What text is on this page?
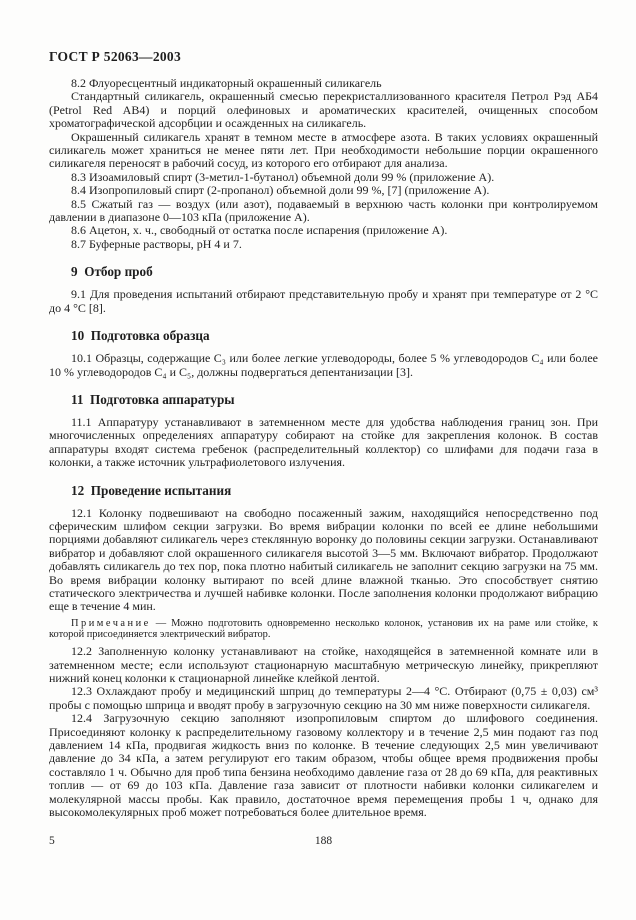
ГОСТ Р 52063—2003
8.2 Флуоресцентный индикаторный окрашенный силикагель
Стандартный силикагель, окрашенный смесью перекристаллизованного красителя Петрол Рэд АБ4 (Petrol Red AB4) и порций олефиновых и ароматических красителей, очищенных способом хроматографической адсорбции и осажденных на силикагель.
Окрашенный силикагель хранят в темном месте в атмосфере азота. В таких условиях окрашенный силикагель может храниться не менее пяти лет. При необходимости небольшие порции окрашенного силикагеля переносят в рабочий сосуд, из которого его отбирают для анализа.
8.3 Изоамиловый спирт (3-метил-1-бутанол) объемной доли 99 % (приложение А).
8.4 Изопропиловый спирт (2-пропанол) объемной доли 99 %, [7] (приложение А).
8.5 Сжатый газ — воздух (или азот), подаваемый в верхнюю часть колонки при контролируемом давлении в диапазоне 0—103 кПа (приложение А).
8.6 Ацетон, х. ч., свободный от остатка после испарения (приложение А).
8.7 Буферные растворы, pH 4 и 7.
9  Отбор проб
9.1 Для проведения испытаний отбирают представительную пробу и хранят при температуре от 2 °С до 4 °С [8].
10  Подготовка образца
10.1 Образцы, содержащие C₃ или более легкие углеводороды, более 5 % углеводородов C₄ или более 10 % углеводородов C₄ и C₅, должны подвергаться депентанизации [3].
11  Подготовка аппаратуры
11.1 Аппаратуру устанавливают в затемненном месте для удобства наблюдения границ зон. При многочисленных определениях аппаратуру собирают на стойке для закрепления колонок. В состав аппаратуры входят система гребенок (распределительный коллектор) со шлифами для подачи газа в колонки, а также источник ультрафиолетового излучения.
12  Проведение испытания
12.1 Колонку подвешивают на свободно посаженный зажим, находящийся непосредственно под сферическим шлифом секции загрузки. Во время вибрации колонки по всей ее длине небольшими порциями добавляют силикагель через стеклянную воронку до половины секции загрузки. Останавливают вибратор и добавляют слой окрашенного силикагеля высотой 3—5 мм. Включают вибратор. Продолжают добавлять силикагель до тех пор, пока плотно набитый силикагель не заполнит секцию загрузки на 75 мм. Во время вибрации колонку вытирают по всей длине влажной тканью. Это способствует снятию статического электричества и лучшей набивке колонки. После заполнения колонки продолжают вибрацию еще в течение 4 мин.
Примечание — Можно подготовить одновременно несколько колонок, установив их на раме или стойке, к которой присоединяется электрический вибратор.
12.2 Заполненную колонку устанавливают на стойке, находящейся в затемненной комнате или в затемненном месте; если используют стационарную масштабную метрическую линейку, прикрепляют нижний конец колонки к стационарной линейке клейкой лентой.
12.3 Охлаждают пробу и медицинский шприц до температуры 2—4 °С. Отбирают (0,75 ± 0,03) см³ пробы с помощью шприца и вводят пробу в загрузочную секцию на 30 мм ниже поверхности силикагеля.
12.4 Загрузочную секцию заполняют изопропиловым спиртом до шлифового соединения. Присоединяют колонку к распределительному газовому коллектору и в течение 2,5 мин подают газ под давлением 14 кПа, продвигая жидкость вниз по колонке. В течение следующих 2,5 мин увеличивают давление до 34 кПа, а затем регулируют его таким образом, чтобы общее время продвижения пробы составляло 1 ч. Обычно для проб типа бензина необходимо давление газа от 28 до 69 кПа, для реактивных топлив — от 69 до 103 кПа. Давление газа зависит от плотности набивки колонки силикагелем и молекулярной массы пробы. Как правило, достаточное время перемещения пробы 1 ч, однако для высокомолекулярных проб может потребоваться более длительное время.
188
5
